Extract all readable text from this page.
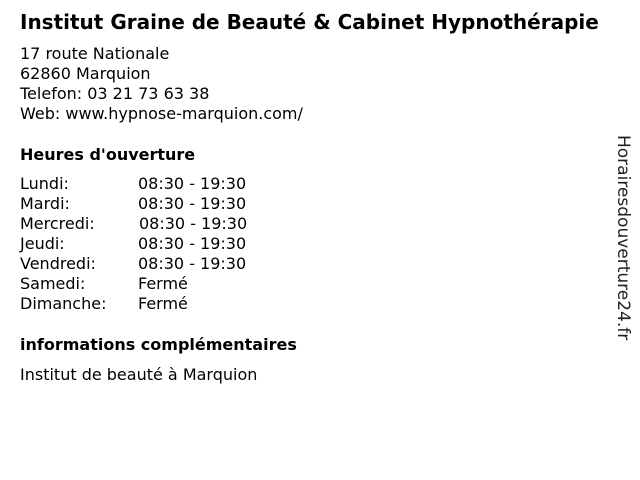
Institut Graine de Beauté & Cabinet Hypnothérapie
17 route Nationale
62860 Marquion
Telefon: 03 21 73 63 38
Web: www.hypnose-marquion.com/
Heures d'ouverture
Lundi:	08:30 - 19:30
Mardi:	08:30 - 19:30
Mercredi:	08:30 - 19:30
Jeudi:	08:30 - 19:30
Vendredi:	08:30 - 19:30
Samedi:	Fermé
Dimanche: Fermé
informations complémentaires
Institut de beauté à Marquion
Horairesdouverture24.fr
